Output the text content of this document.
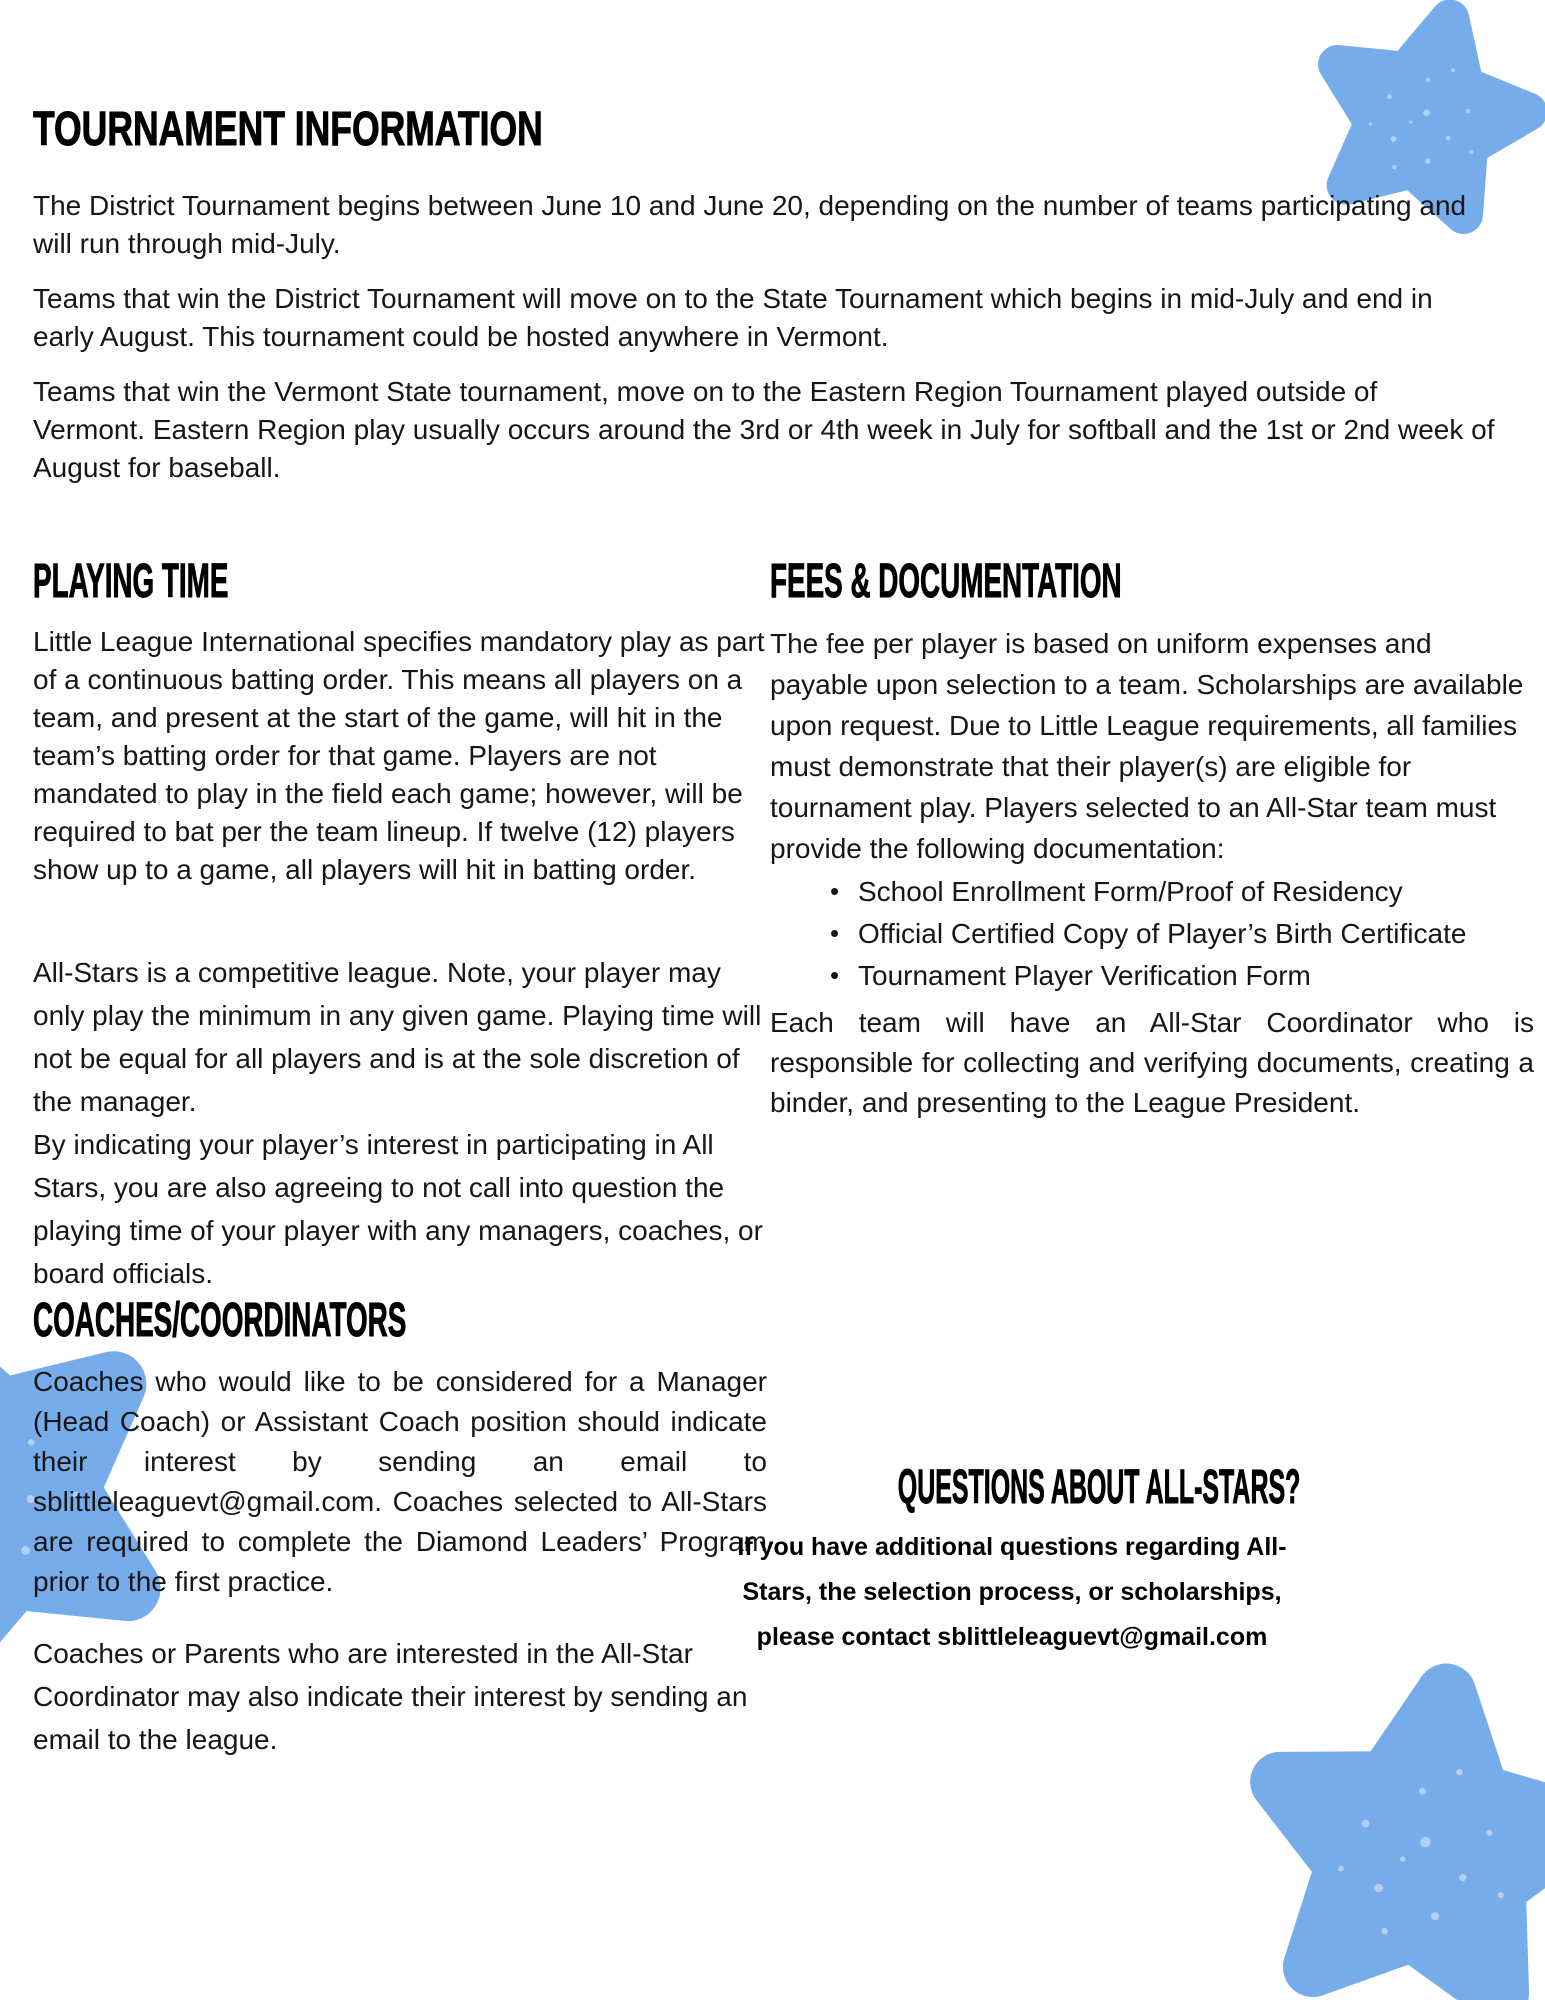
TOURNAMENT INFORMATION

The District Tournament begins between June 10 and June 20, depending on the number of teams participating and will run through mid-July.

Teams that win the District Tournament will move on to the State Tournament which begins in mid-July and end in early August. This tournament could be hosted anywhere in Vermont.

Teams that win the Vermont State tournament, move on to the Eastern Region Tournament played outside of Vermont. Eastern Region play usually occurs around the 3rd or 4th week in July for softball and the 1st or 2nd week of August for baseball.

PLAYING TIME

Little League International specifies mandatory play as part of a continuous batting order. This means all players on a team, and present at the start of the game, will hit in the team’s batting order for that game. Players are not mandated to play in the field each game; however, will be required to bat per the team lineup. If twelve (12) players show up to a game, all players will hit in batting order.

All-Stars is a competitive league. Note, your player may only play the minimum in any given game. Playing time will not be equal for all players and is at the sole discretion of the manager.

By indicating your player’s interest in participating in All Stars, you are also agreeing to not call into question the playing time of your player with any managers, coaches, or board officials.

COACHES/COORDINATORS

Coaches who would like to be considered for a Manager (Head Coach) or Assistant Coach position should indicate their interest by sending an email to sblittleleaguevt@gmail.com. Coaches selected to All-Stars are required to complete the Diamond Leaders’ Program prior to the first practice.

Coaches or Parents who are interested in the All-Star Coordinator may also indicate their interest by sending an email to the league.

FEES & DOCUMENTATION

The fee per player is based on uniform expenses and payable upon selection to a team. Scholarships are available upon request. Due to Little League requirements, all families must demonstrate that their player(s) are eligible for tournament play. Players selected to an All-Star team must provide the following documentation:

• School Enrollment Form/Proof of Residency
• Official Certified Copy of Player’s Birth Certificate
• Tournament Player Verification Form

Each team will have an All-Star Coordinator who is responsible for collecting and verifying documents, creating a binder, and presenting to the League President.

QUESTIONS ABOUT ALL-STARS?

If you have additional questions regarding All-Stars, the selection process, or scholarships, please contact sblittleleaguevt@gmail.com
